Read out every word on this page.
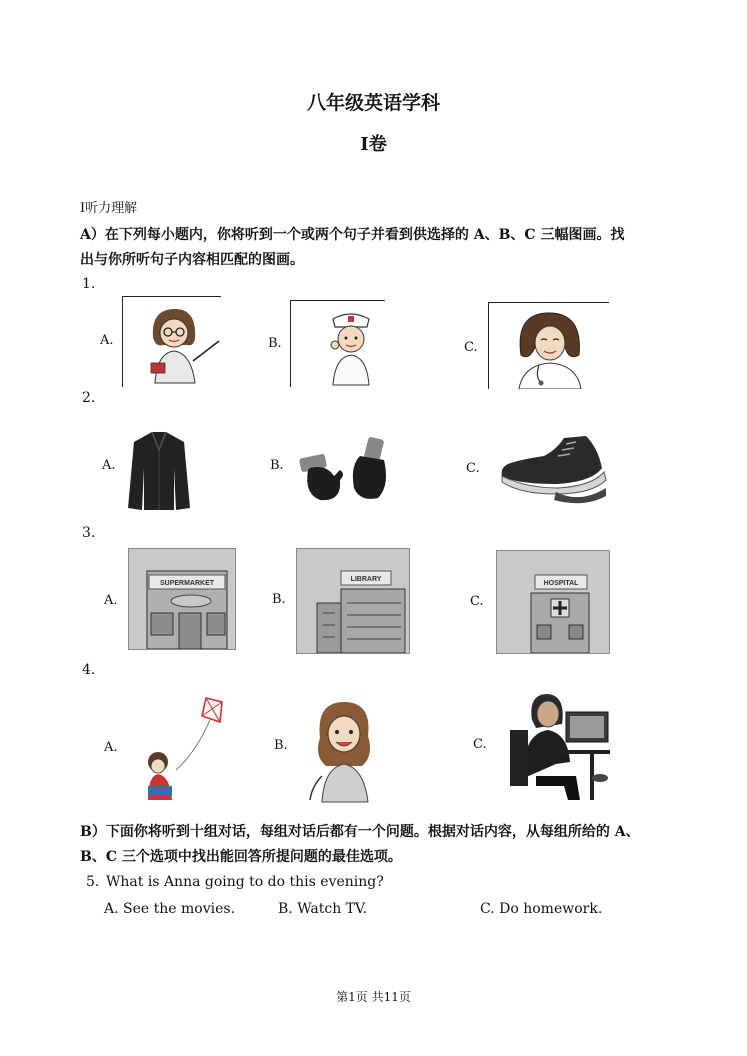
八年级英语学科
I卷
Ⅰ听力理解
A）在下列每小题内，你将听到一个或两个句子并看到供选择的 A、B、C 三幅图画。找
出与你所听句子内容相匹配的图画。
1.
A.	B.	C.
2.
A.	B.	C.
3.
A.	B.	C.
SUPERMARKET
LIBRARY
HOSPITAL
4.
A.	B.	C.
B）下面你将听到十组对话，每组对话后都有一个问题。根据对话内容，从每组所给的 A、
B、C 三个选项中找出能回答所提问题的最佳选项。
5. What is Anna going to do this evening?
A. See the movies.	B. Watch TV.	C. Do homework.
第1页 共11页
